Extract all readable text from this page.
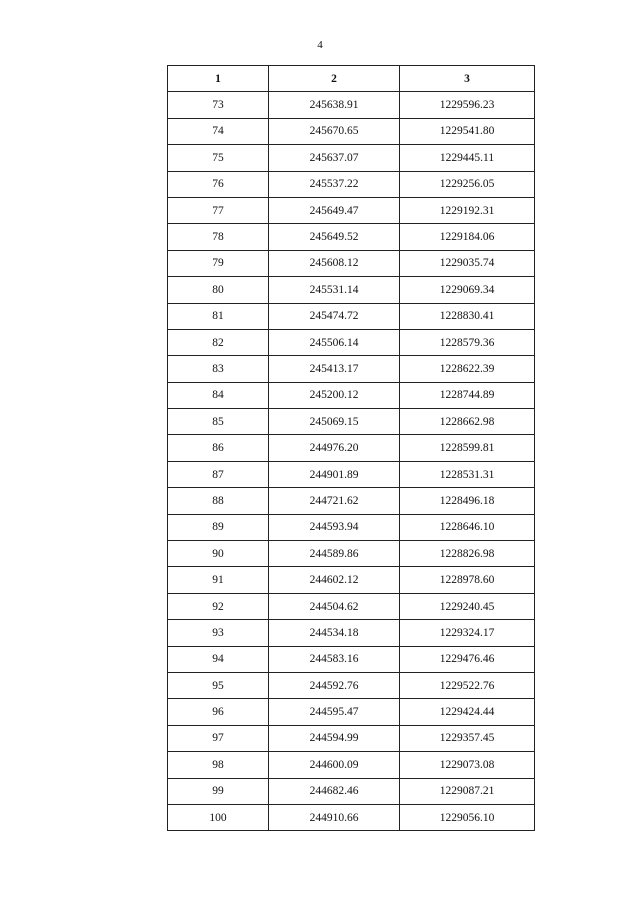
4
1	2	3
73	245638.91	1229596.23
74	245670.65	1229541.80
75	245637.07	1229445.11
76	245537.22	1229256.05
77	245649.47	1229192.31
78	245649.52	1229184.06
79	245608.12	1229035.74
80	245531.14	1229069.34
81	245474.72	1228830.41
82	245506.14	1228579.36
83	245413.17	1228622.39
84	245200.12	1228744.89
85	245069.15	1228662.98
86	244976.20	1228599.81
87	244901.89	1228531.31
88	244721.62	1228496.18
89	244593.94	1228646.10
90	244589.86	1228826.98
91	244602.12	1228978.60
92	244504.62	1229240.45
93	244534.18	1229324.17
94	244583.16	1229476.46
95	244592.76	1229522.76
96	244595.47	1229424.44
97	244594.99	1229357.45
98	244600.09	1229073.08
99	244682.46	1229087.21
100	244910.66	1229056.10
